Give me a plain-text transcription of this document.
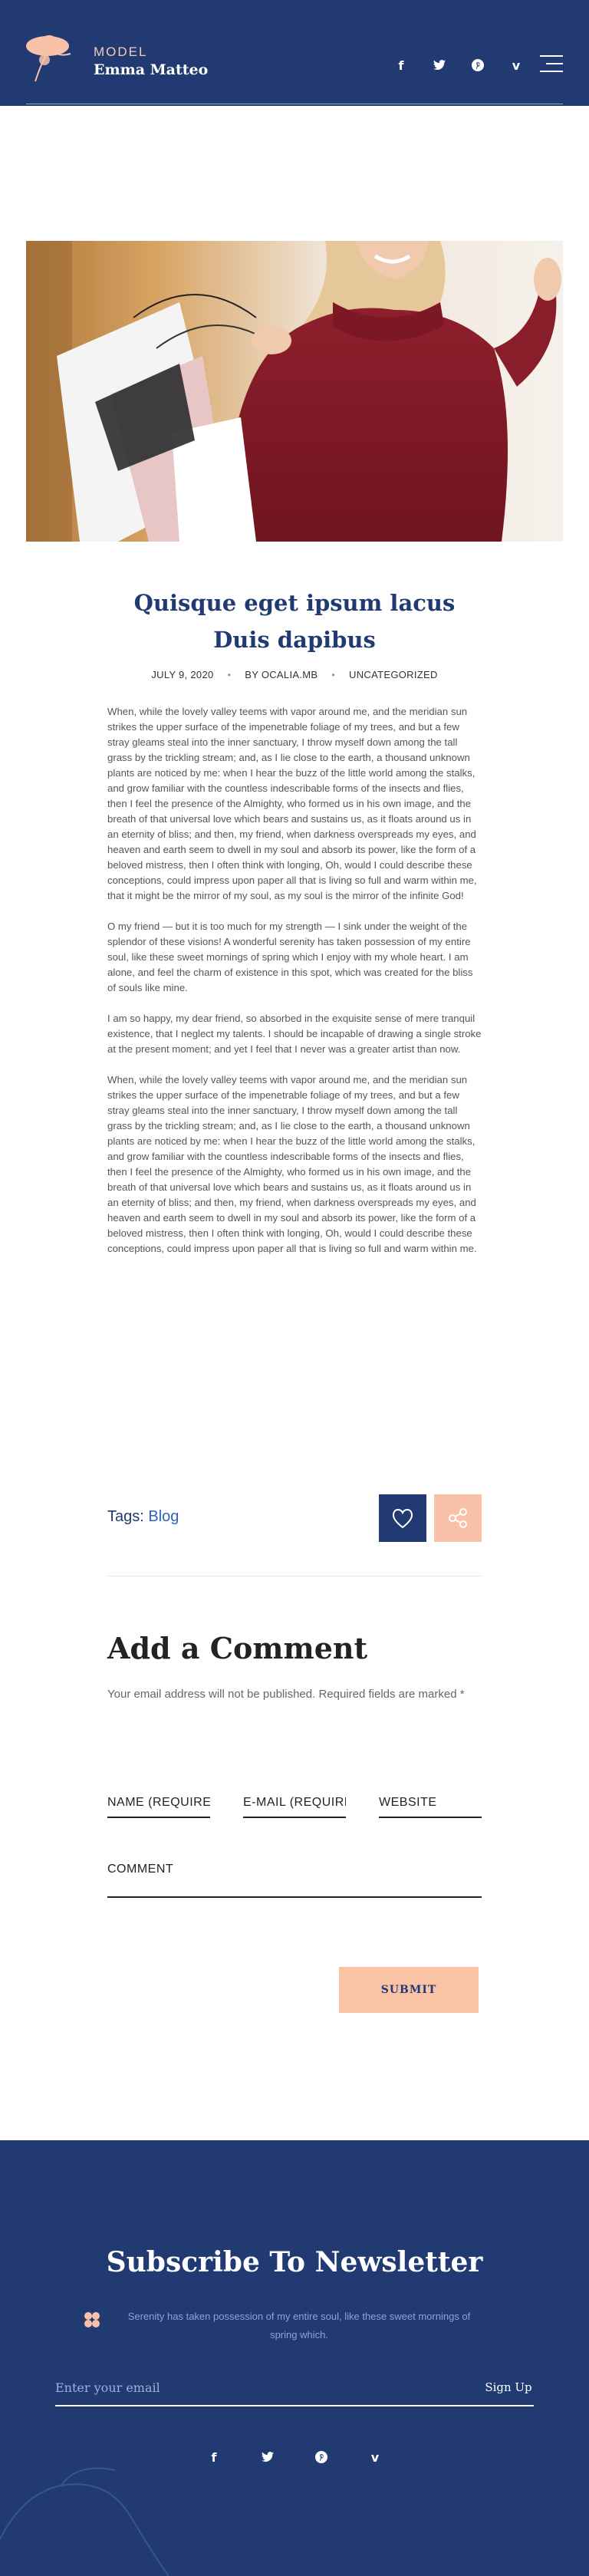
MODEL
Emma Matteo	f	v
Quisque eget ipsum lacus Duis dapibus
JULY 9, 2020 • BY OCALIA.MB • UNCATEGORIZED

When, while the lovely valley teems with vapor around me, and the meridian sun strikes the upper surface of the impenetrable foliage of my trees, and but a few stray gleams steal into the inner sanctuary, I throw myself down among the tall grass by the trickling stream; and, as I lie close to the earth, a thousand unknown plants are noticed by me: when I hear the buzz of the little world among the stalks, and grow familiar with the countless indescribable forms of the insects and flies, then I feel the presence of the Almighty, who formed us in his own image, and the breath of that universal love which bears and sustains us, as it floats around us in an eternity of bliss; and then, my friend, when darkness overspreads my eyes, and heaven and earth seem to dwell in my soul and absorb its power, like the form of a beloved mistress, then I often think with longing, Oh, would I could describe these conceptions, could impress upon paper all that is living so full and warm within me, that it might be the mirror of my soul, as my soul is the mirror of the infinite God!

O my friend — but it is too much for my strength — I sink under the weight of the splendor of these visions! A wonderful serenity has taken possession of my entire soul, like these sweet mornings of spring which I enjoy with my whole heart. I am alone, and feel the charm of existence in this spot, which was created for the bliss of souls like mine.

I am so happy, my dear friend, so absorbed in the exquisite sense of mere tranquil existence, that I neglect my talents. I should be incapable of drawing a single stroke at the present moment; and yet I feel that I never was a greater artist than now.

When, while the lovely valley teems with vapor around me, and the meridian sun strikes the upper surface of the impenetrable foliage of my trees, and but a few stray gleams steal into the inner sanctuary, I throw myself down among the tall grass by the trickling stream; and, as I lie close to the earth, a thousand unknown plants are noticed by me: when I hear the buzz of the little world among the stalks, and grow familiar with the countless indescribable forms of the insects and flies, then I feel the presence of the Almighty, who formed us in his own image, and the breath of that universal love which bears and sustains us, as it floats around us in an eternity of bliss; and then, my friend, when darkness overspreads my eyes, and heaven and earth seem to dwell in my soul and absorb its power, like the form of a beloved mistress, then I often think with longing, Oh, would I could describe these conceptions, could impress upon paper all that is living so full and warm within me.

Tags: Blog
Add a Comment

Your email address will not be published. Required fields are marked *

NAME (REQUIRED)
E-MAIL (REQUIRED)
WEBSITE
COMMENT
SUBMIT
Subscribe To Newsletter

Serenity has taken possession of my entire soul, like these sweet mornings of spring which.

Enter your email
Sign Up
f	v
